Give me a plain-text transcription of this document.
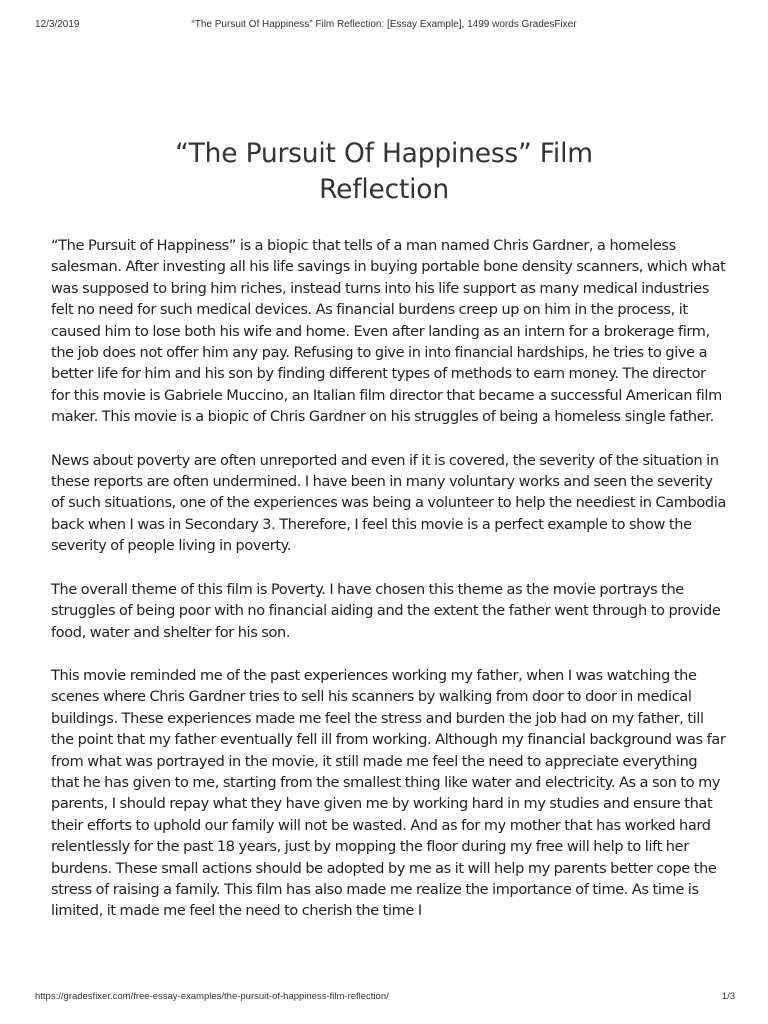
12/3/2019	“The Pursuit Of Happiness” Film Reflection: [Essay Example], 1499 words GradesFixer
“The Pursuit Of Happiness” Film
Reflection

“The Pursuit of Happiness” is a biopic that tells of a man named Chris Gardner, a homeless salesman. After investing all his life savings in buying portable bone density scanners, which what was supposed to bring him riches, instead turns into his life support as many medical industries felt no need for such medical devices. As financial burdens creep up on him in the process, it caused him to lose both his wife and home. Even after landing as an intern for a brokerage firm, the job does not offer him any pay. Refusing to give in into financial hardships, he tries to give a better life for him and his son by finding different types of methods to earn money. The director for this movie is Gabriele Muccino, an Italian film director that became a successful American film maker. This movie is a biopic of Chris Gardner on his struggles of being a homeless single father.

News about poverty are often unreported and even if it is covered, the severity of the situation in these reports are often undermined. I have been in many voluntary works and seen the severity of such situations, one of the experiences was being a volunteer to help the neediest in Cambodia back when I was in Secondary 3. Therefore, I feel this movie is a perfect example to show the severity of people living in poverty.

The overall theme of this film is Poverty. I have chosen this theme as the movie portrays the struggles of being poor with no financial aiding and the extent the father went through to provide food, water and shelter for his son.

This movie reminded me of the past experiences working my father, when I was watching the scenes where Chris Gardner tries to sell his scanners by walking from door to door in medical buildings. These experiences made me feel the stress and burden the job had on my father, till the point that my father eventually fell ill from working. Although my financial background was far from what was portrayed in the movie, it still made me feel the need to appreciate everything that he has given to me, starting from the smallest thing like water and electricity. As a son to my parents, I should repay what they have given me by working hard in my studies and ensure that their efforts to uphold our family will not be wasted. And as for my mother that has worked hard relentlessly for the past 18 years, just by mopping the floor during my free will help to lift her burdens. These small actions should be adopted by me as it will help my parents better cope the stress of raising a family. This film has also made me realize the importance of time. As time is limited, it made me feel the need to cherish the time I

https://gradesfixer.com/free-essay-examples/the-pursuit-of-happiness-film-reflection/	1/3
